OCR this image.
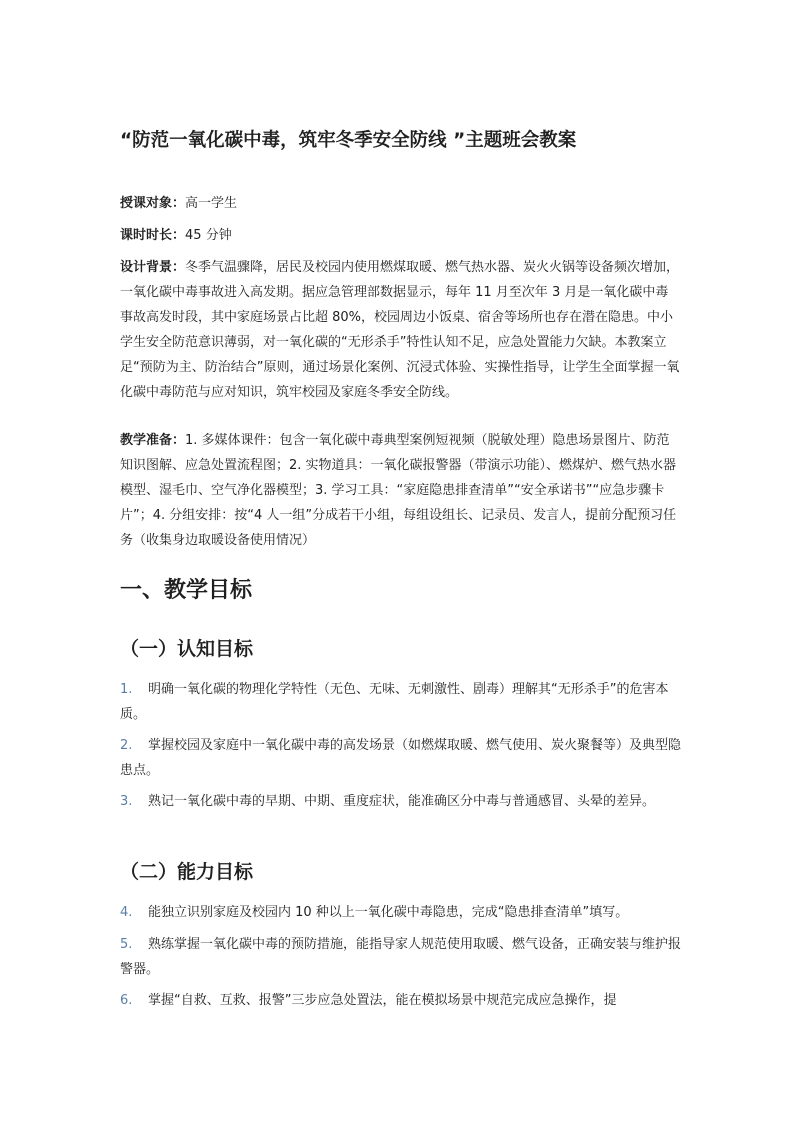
“防范一氧化碳中毒，筑牢冬季安全防线 ”主题班会教案
授课对象：高一学生
课时时长：45 分钟
设计背景：冬季气温骤降，居民及校园内使用燃煤取暖、燃气热水器、炭火火锅等设备频次增加，一氧化碳中毒事故进入高发期。据应急管理部数据显示，每年 11 月至次年 3 月是一氧化碳中毒事故高发时段，其中家庭场景占比超 80%，校园周边小饭桌、宿舍等场所也存在潜在隐患。中小学生安全防范意识薄弱，对一氧化碳的“无形杀手”特性认知不足，应急处置能力欠缺。本教案立足“预防为主、防治结合”原则，通过场景化案例、沉浸式体验、实操性指导，让学生全面掌握一氧化碳中毒防范与应对知识，筑牢校园及家庭冬季安全防线。
教学准备：1. 多媒体课件：包含一氧化碳中毒典型案例短视频（脱敏处理）隐患场景图片、防范知识图解、应急处置流程图；2. 实物道具：一氧化碳报警器（带演示功能）、燃煤炉、燃气热水器模型、湿毛巾、空气净化器模型；3. 学习工具：“家庭隐患排查清单”“安全承诺书”“应急步骤卡片”；4. 分组安排：按“4 人一组”分成若干小组，每组设组长、记录员、发言人，提前分配预习任务（收集身边取暖设备使用情况）
一、教学目标
（一）认知目标
1. 明确一氧化碳的物理化学特性（无色、无味、无刺激性、剧毒）理解其“无形杀手”的危害本质。
2. 掌握校园及家庭中一氧化碳中毒的高发场景（如燃煤取暖、燃气使用、炭火聚餐等）及典型隐患点。
3. 熟记一氧化碳中毒的早期、中期、重度症状，能准确区分中毒与普通感冒、头晕的差异。
（二）能力目标
4. 能独立识别家庭及校园内 10 种以上一氧化碳中毒隐患，完成“隐患排查清单”填写。
5. 熟练掌握一氧化碳中毒的预防措施，能指导家人规范使用取暖、燃气设备，正确安装与维护报警器。
6. 掌握“自救、互救、报警”三步应急处置法，能在模拟场景中规范完成应急操作，提
